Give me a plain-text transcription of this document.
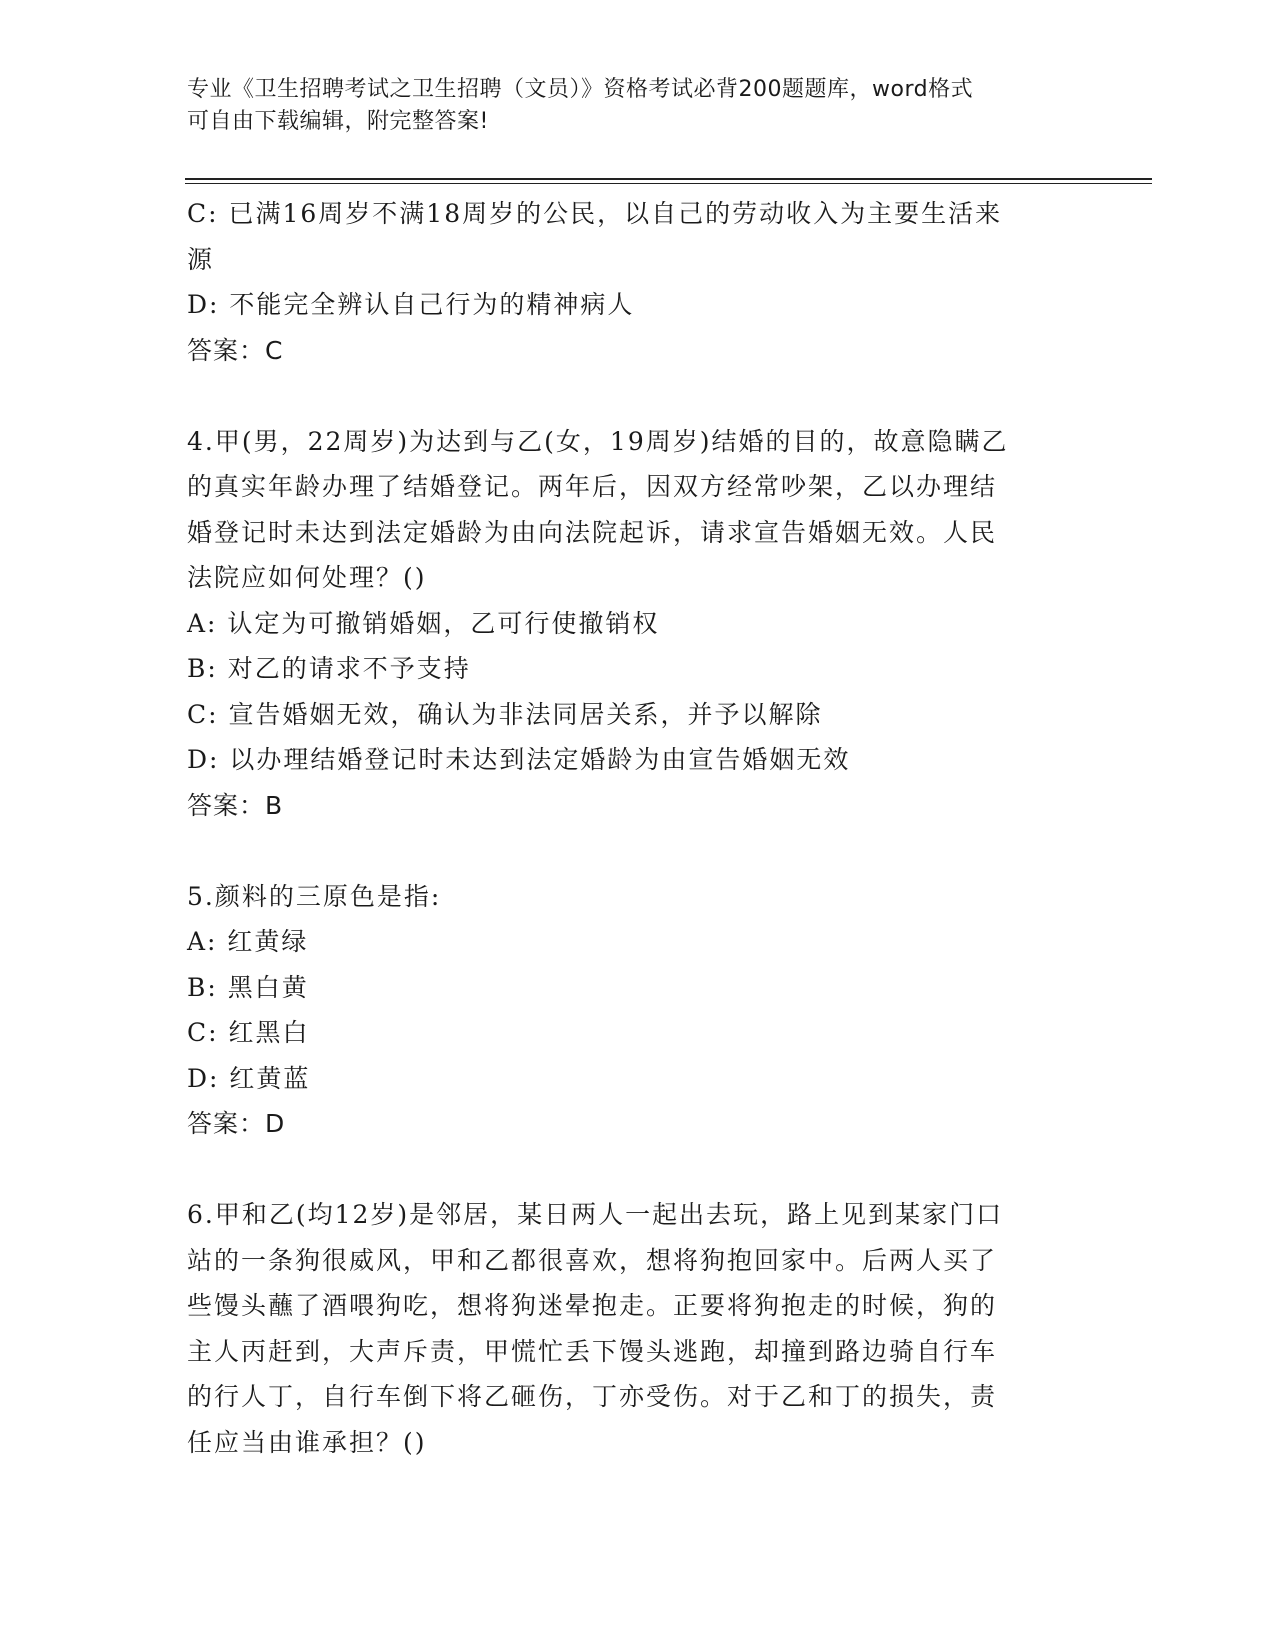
专业《卫生招聘考试之卫生招聘（文员）》资格考试必背200题题库，word格式
可自由下载编辑，附完整答案!
C: 已满16周岁不满18周岁的公民，以自己的劳动收入为主要生活来
源
D: 不能完全辨认自己行为的精神病人
答案：C
4.甲(男，22周岁)为达到与乙(女，19周岁)结婚的目的，故意隐瞒乙
的真实年龄办理了结婚登记。两年后，因双方经常吵架，乙以办理结
婚登记时未达到法定婚龄为由向法院起诉，请求宣告婚姻无效。人民
法院应如何处理？()
A: 认定为可撤销婚姻，乙可行使撤销权
B: 对乙的请求不予支持
C: 宣告婚姻无效，确认为非法同居关系，并予以解除
D: 以办理结婚登记时未达到法定婚龄为由宣告婚姻无效
答案：B
5.颜料的三原色是指:
A: 红黄绿
B: 黑白黄
C: 红黑白
D: 红黄蓝
答案：D
6.甲和乙(均12岁)是邻居，某日两人一起出去玩，路上见到某家门口
站的一条狗很威风，甲和乙都很喜欢，想将狗抱回家中。后两人买了
些馒头蘸了酒喂狗吃，想将狗迷晕抱走。正要将狗抱走的时候，狗的
主人丙赶到，大声斥责，甲慌忙丢下馒头逃跑，却撞到路边骑自行车
的行人丁，自行车倒下将乙砸伤，丁亦受伤。对于乙和丁的损失，责
任应当由谁承担？()
